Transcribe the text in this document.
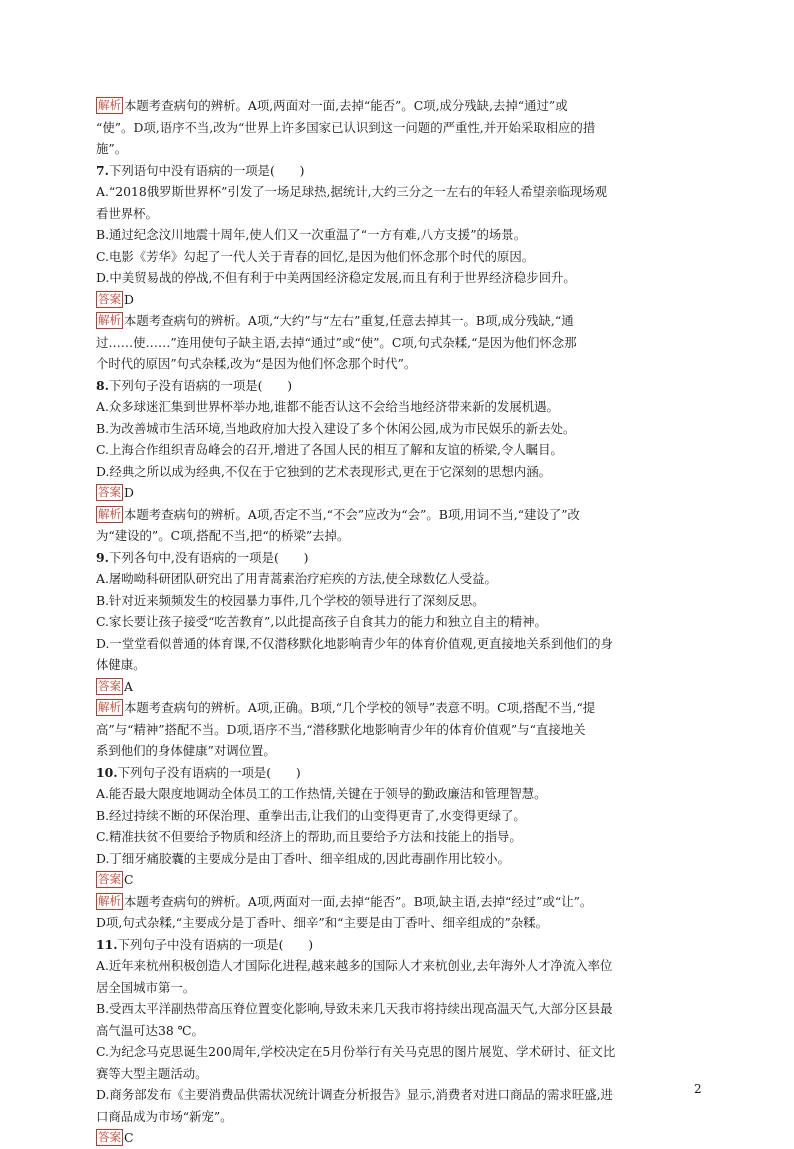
解析 本题考查病句的辨析。A项,两面对一面,去掉“能否”。C项,成分残缺,去掉“通过”或
“使”。D项,语序不当,改为“世界上许多国家已认识到这一问题的严重性,并开始采取相应的措
施”。
7.下列语句中没有语病的一项是(　　)
A.“2018俄罗斯世界杯”引发了一场足球热,据统计,大约三分之一左右的年轻人希望亲临现场观
看世界杯。
B.通过纪念汶川地震十周年,使人们又一次重温了“一方有难,八方支援”的场景。
C.电影《芳华》勾起了一代人关于青春的回忆,是因为他们怀念那个时代的原因。
D.中美贸易战的停战,不但有利于中美两国经济稳定发展,而且有利于世界经济稳步回升。
答案 D
解析 本题考查病句的辨析。A项,“大约”与“左右”重复,任意去掉其一。B项,成分残缺,“通
过……使……”连用使句子缺主语,去掉“通过”或“使”。C项,句式杂糅,“是因为他们怀念那
个时代的原因”句式杂糅,改为“是因为他们怀念那个时代”。
8.下列句子没有语病的一项是(　　)
A.众多球迷汇集到世界杯举办地,谁都不能否认这不会给当地经济带来新的发展机遇。
B.为改善城市生活环境,当地政府加大投入建设了多个休闲公园,成为市民娱乐的新去处。
C.上海合作组织青岛峰会的召开,增进了各国人民的相互了解和友谊的桥梁,令人瞩目。
D.经典之所以成为经典,不仅在于它独到的艺术表现形式,更在于它深刻的思想内涵。
答案 D
解析 本题考查病句的辨析。A项,否定不当,“不会”应改为“会”。B项,用词不当,“建设了”改
为“建设的”。C项,搭配不当,把“的桥梁”去掉。
9.下列各句中,没有语病的一项是(　　)
A.屠呦呦科研团队研究出了用青蒿素治疗疟疾的方法,使全球数亿人受益。
B.针对近来频频发生的校园暴力事件,几个学校的领导进行了深刻反思。
C.家长要让孩子接受“吃苦教育”,以此提高孩子自食其力的能力和独立自主的精神。
D.一堂堂看似普通的体育课,不仅潜移默化地影响青少年的体育价值观,更直接地关系到他们的身
体健康。
答案 A
解析 本题考查病句的辨析。A项,正确。B项,“几个学校的领导”表意不明。C项,搭配不当,“提
高”与“精神”搭配不当。D项,语序不当,“潜移默化地影响青少年的体育价值观”与“直接地关
系到他们的身体健康”对调位置。
10.下列句子没有语病的一项是(　　)
A.能否最大限度地调动全体员工的工作热情,关键在于领导的勤政廉洁和管理智慧。
B.经过持续不断的环保治理、重拳出击,让我们的山变得更青了,水变得更绿了。
C.精准扶贫不但要给予物质和经济上的帮助,而且要给予方法和技能上的指导。
D.丁细牙痛胶囊的主要成分是由丁香叶、细辛组成的,因此毒副作用比较小。
答案 C
解析 本题考查病句的辨析。A项,两面对一面,去掉“能否”。B项,缺主语,去掉“经过”或“让”。
D项,句式杂糅,“主要成分是丁香叶、细辛”和“主要是由丁香叶、细辛组成的”杂糅。
11.下列句子中没有语病的一项是(　　)
A.近年来杭州积极创造人才国际化进程,越来越多的国际人才来杭创业,去年海外人才净流入率位
居全国城市第一。
B.受西太平洋副热带高压脊位置变化影响,导致未来几天我市将持续出现高温天气,大部分区县最
高气温可达38 ℃。
C.为纪念马克思诞生200周年,学校决定在5月份举行有关马克思的图片展览、学术研讨、征文比
赛等大型主题活动。
D.商务部发布《主要消费品供需状况统计调查分析报告》显示,消费者对进口商品的需求旺盛,进
口商品成为市场“新宠”。
答案 C
2
